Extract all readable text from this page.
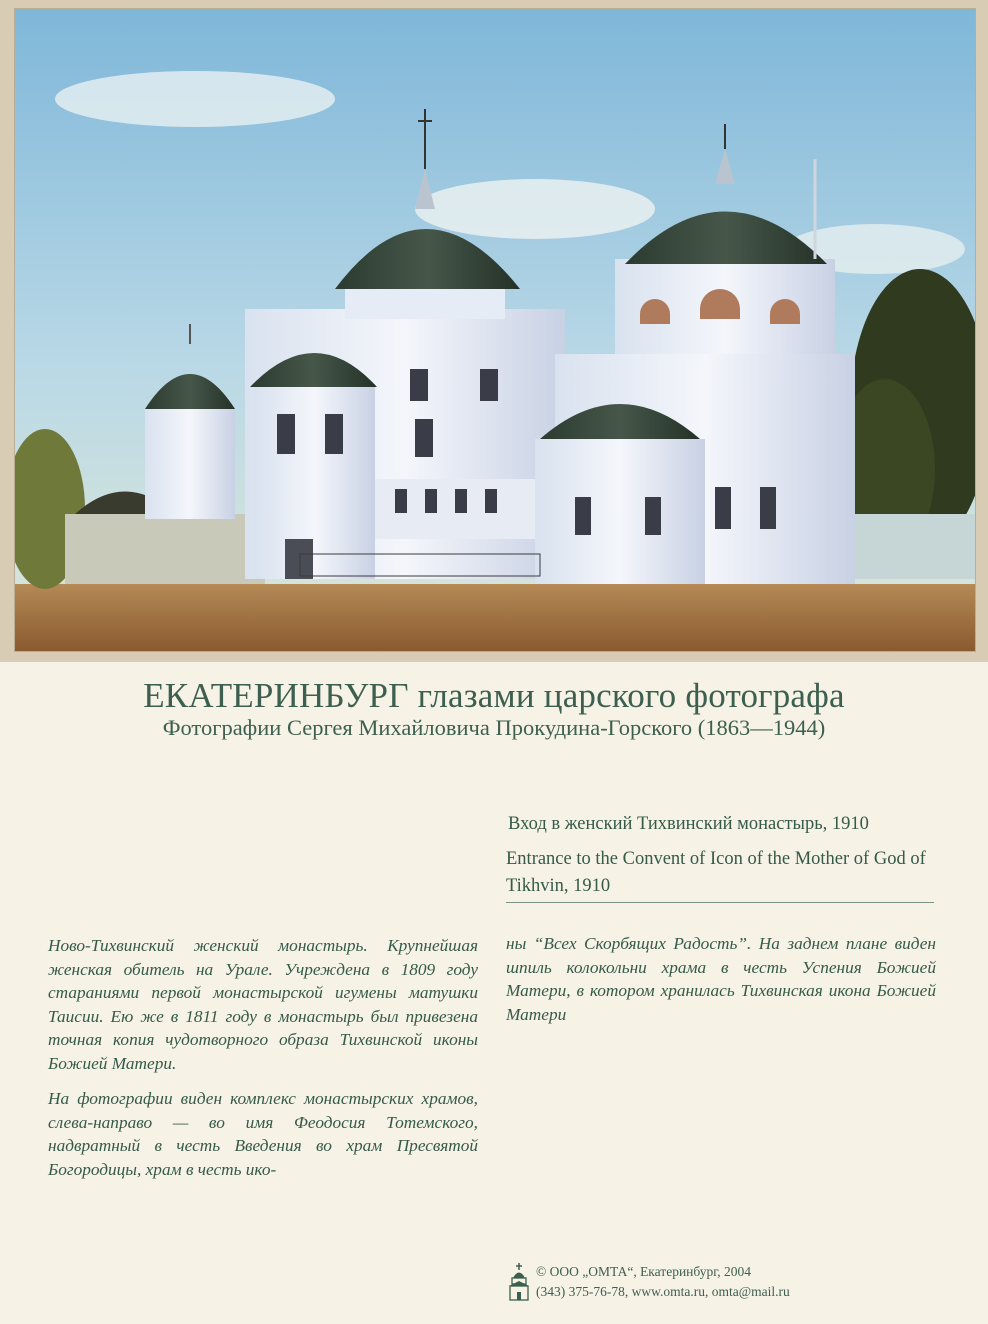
ЕКАТЕРИНБУРГ глазами царского фотографа
Фотографии Сергея Михайловича Прокудина-Горского (1863—1944)
Вход в женский Тихвинский монастырь, 1910
Entrance to the Convent of Icon of the Mother of God of Tikhvin, 1910

Ново-Тихвинский женский монастырь. Крупнейшая женская обитель на Урале. Учреждена в 1809 году стараниями первой монастырской игумены матушки Таисии. Ею же в 1811 году в монастырь был привезена точная копия чудотворного образа Тихвинской иконы Божией Матери.

На фотографии виден комплекс монастырских храмов, слева-направо — во имя Феодосия Тотемского, надвратный в честь Введения во храм Пресвятой Богородицы, храм в честь ико-

ны “Всех Скорбящих Радость”. На заднем плане виден шпиль колокольни храма в честь Успения Божией Матери, в котором хранилась Тихвинская икона Божией Матери

© ООО „ОМТА“, Екатеринбург, 2004
(343) 375-76-78, www.omta.ru, omta@mail.ru
